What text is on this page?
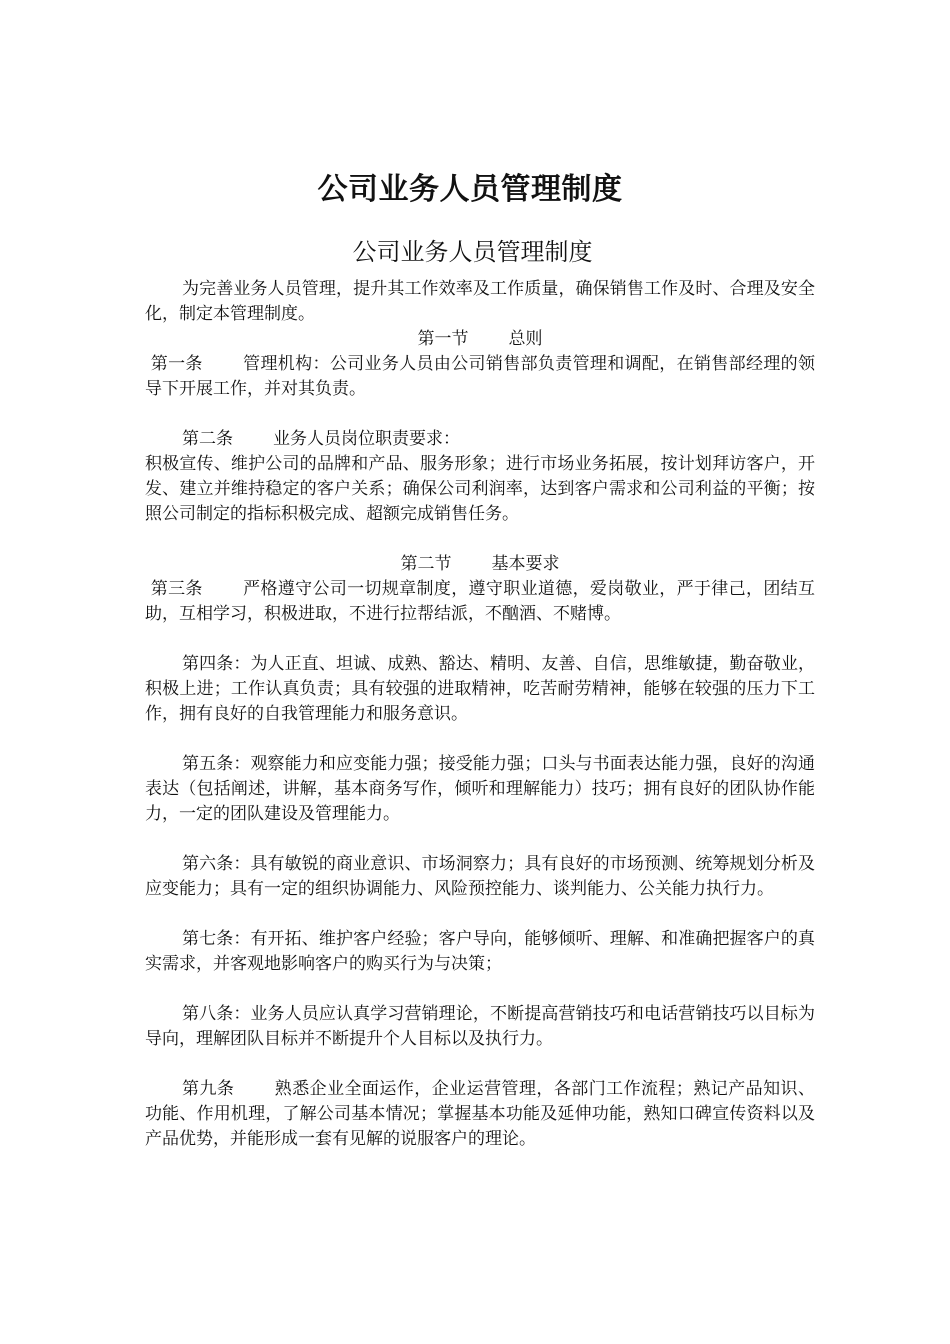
公司业务人员管理制度
公司业务人员管理制度

为完善业务人员管理，提升其工作效率及工作质量，确保销售工作及时、合理及安全化，制定本管理制度。

第一节 总则

第一条 管理机构：公司业务人员由公司销售部负责管理和调配，在销售部经理的领导下开展工作，并对其负责。

第二条 业务人员岗位职责要求：

积极宣传、维护公司的品牌和产品、服务形象；进行市场业务拓展，按计划拜访客户，开发、建立并维持稳定的客户关系；确保公司利润率，达到客户需求和公司利益的平衡；按照公司制定的指标积极完成、超额完成销售任务。

第二节 基本要求

第三条 严格遵守公司一切规章制度，遵守职业道德，爱岗敬业，严于律己，团结互助，互相学习，积极进取，不进行拉帮结派，不酗酒、不赌博。

第四条：为人正直、坦诚、成熟、豁达、精明、友善、自信，思维敏捷，勤奋敬业，积极上进；工作认真负责；具有较强的进取精神，吃苦耐劳精神，能够在较强的压力下工作，拥有良好的自我管理能力和服务意识。

第五条：观察能力和应变能力强；接受能力强；口头与书面表达能力强，良好的沟通表达（包括阐述，讲解，基本商务写作，倾听和理解能力）技巧；拥有良好的团队协作能力，一定的团队建设及管理能力。

第六条：具有敏锐的商业意识、市场洞察力；具有良好的市场预测、统筹规划分析及应变能力；具有一定的组织协调能力、风险预控能力、谈判能力、公关能力执行力。

第七条：有开拓、维护客户经验；客户导向，能够倾听、理解、和准确把握客户的真实需求，并客观地影响客户的购买行为与决策；

第八条：业务人员应认真学习营销理论，不断提高营销技巧和电话营销技巧以目标为导向，理解团队目标并不断提升个人目标以及执行力。

第九条 熟悉企业全面运作，企业运营管理，各部门工作流程；熟记产品知识、功能、作用机理，了解公司基本情况；掌握基本功能及延伸功能，熟知口碑宣传资料以及产品优势，并能形成一套有见解的说服客户的理论。
